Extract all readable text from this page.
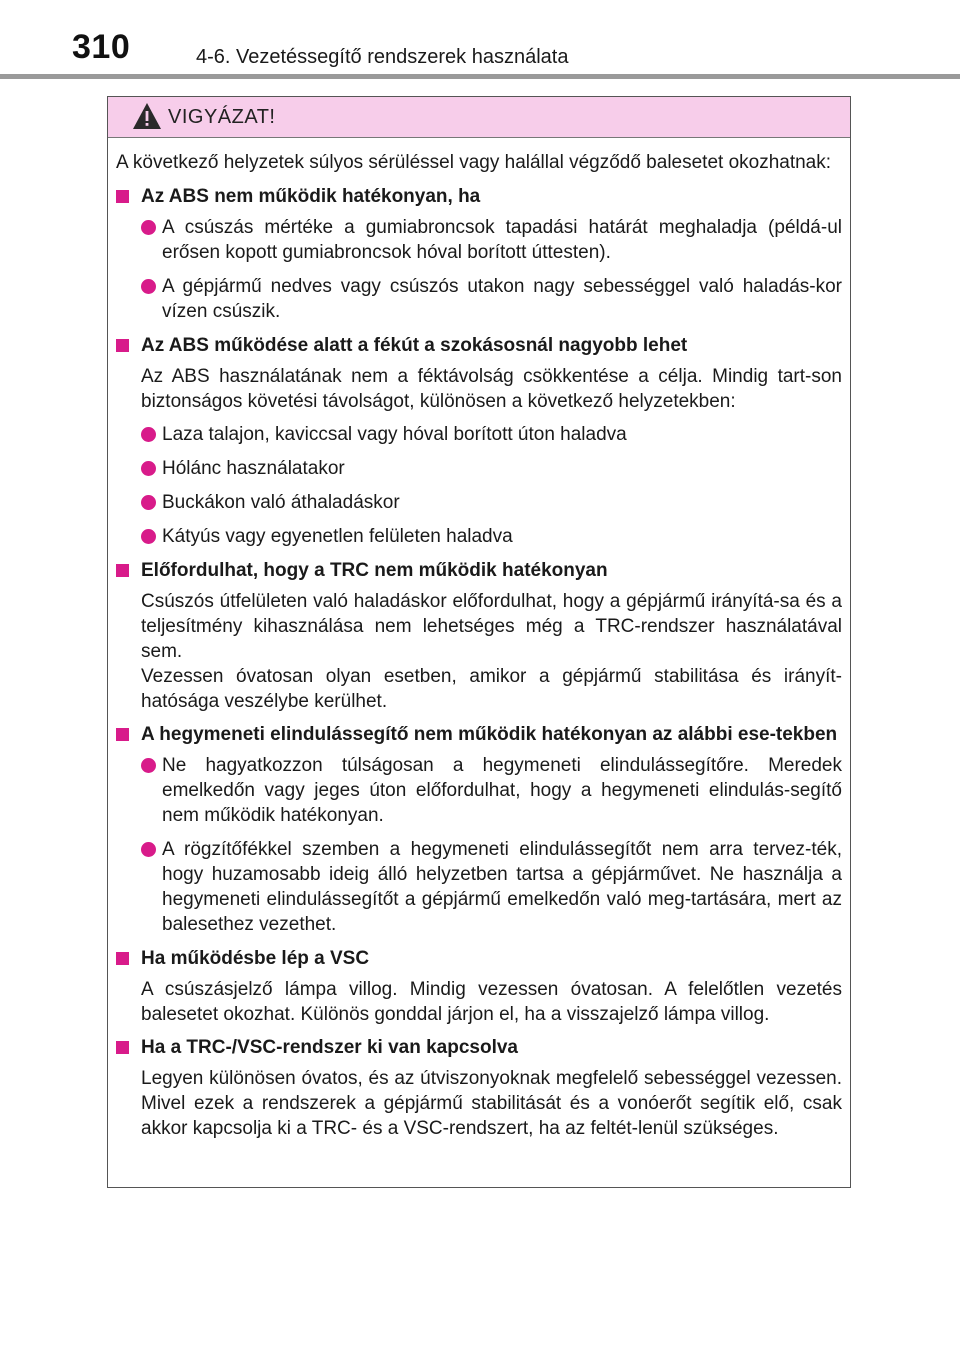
310	4-6. Vezetéssegítő rendszerek használata
VIGYÁZAT!

A következő helyzetek súlyos sérüléssel vagy halállal végződő balesetet okozhatnak:

Az ABS nem működik hatékonyan, ha
A csúszás mértéke a gumiabroncsok tapadási határát meghaladja (példá-ul erősen kopott gumiabroncsok hóval borított úttesten).
A gépjármű nedves vagy csúszós utakon nagy sebességgel való haladás-kor vízen csúszik.
Az ABS működése alatt a fékút a szokásosnál nagyobb lehet
Az ABS használatának nem a féktávolság csökkentése a célja. Mindig tart-son biztonságos követési távolságot, különösen a következő helyzetekben:
Laza talajon, kaviccsal vagy hóval borított úton haladva
Hólánc használatakor
Buckákon való áthaladáskor
Kátyús vagy egyenetlen felületen haladva
Előfordulhat, hogy a TRC nem működik hatékonyan
Csúszós útfelületen való haladáskor előfordulhat, hogy a gépjármű irányítá-sa és a teljesítmény kihasználása nem lehetséges még a TRC-rendszer használatával sem.
Vezessen óvatosan olyan esetben, amikor a gépjármű stabilitása és irányít-hatósága veszélybe kerülhet.
A hegymeneti elindulássegítő nem működik hatékonyan az alábbi ese-tekben
Ne hagyatkozzon túlságosan a hegymeneti elindulássegítőre. Meredek emelkedőn vagy jeges úton előfordulhat, hogy a hegymeneti elindulás-segítő nem működik hatékonyan.
A rögzítőfékkel szemben a hegymeneti elindulássegítőt nem arra tervez-ték, hogy huzamosabb ideig álló helyzetben tartsa a gépjárművet. Ne használja a hegymeneti elindulássegítőt a gépjármű emelkedőn való meg-tartására, mert az balesethez vezethet.
Ha működésbe lép a VSC
A csúszásjelző lámpa villog. Mindig vezessen óvatosan. A felelőtlen vezetés balesetet okozhat. Különös gonddal járjon el, ha a visszajelző lámpa villog.
Ha a TRC-/VSC-rendszer ki van kapcsolva
Legyen különösen óvatos, és az útviszonyoknak megfelelő sebességgel vezessen. Mivel ezek a rendszerek a gépjármű stabilitását és a vonóerőt segítik elő, csak akkor kapcsolja ki a TRC- és a VSC-rendszert, ha az feltét-lenül szükséges.
